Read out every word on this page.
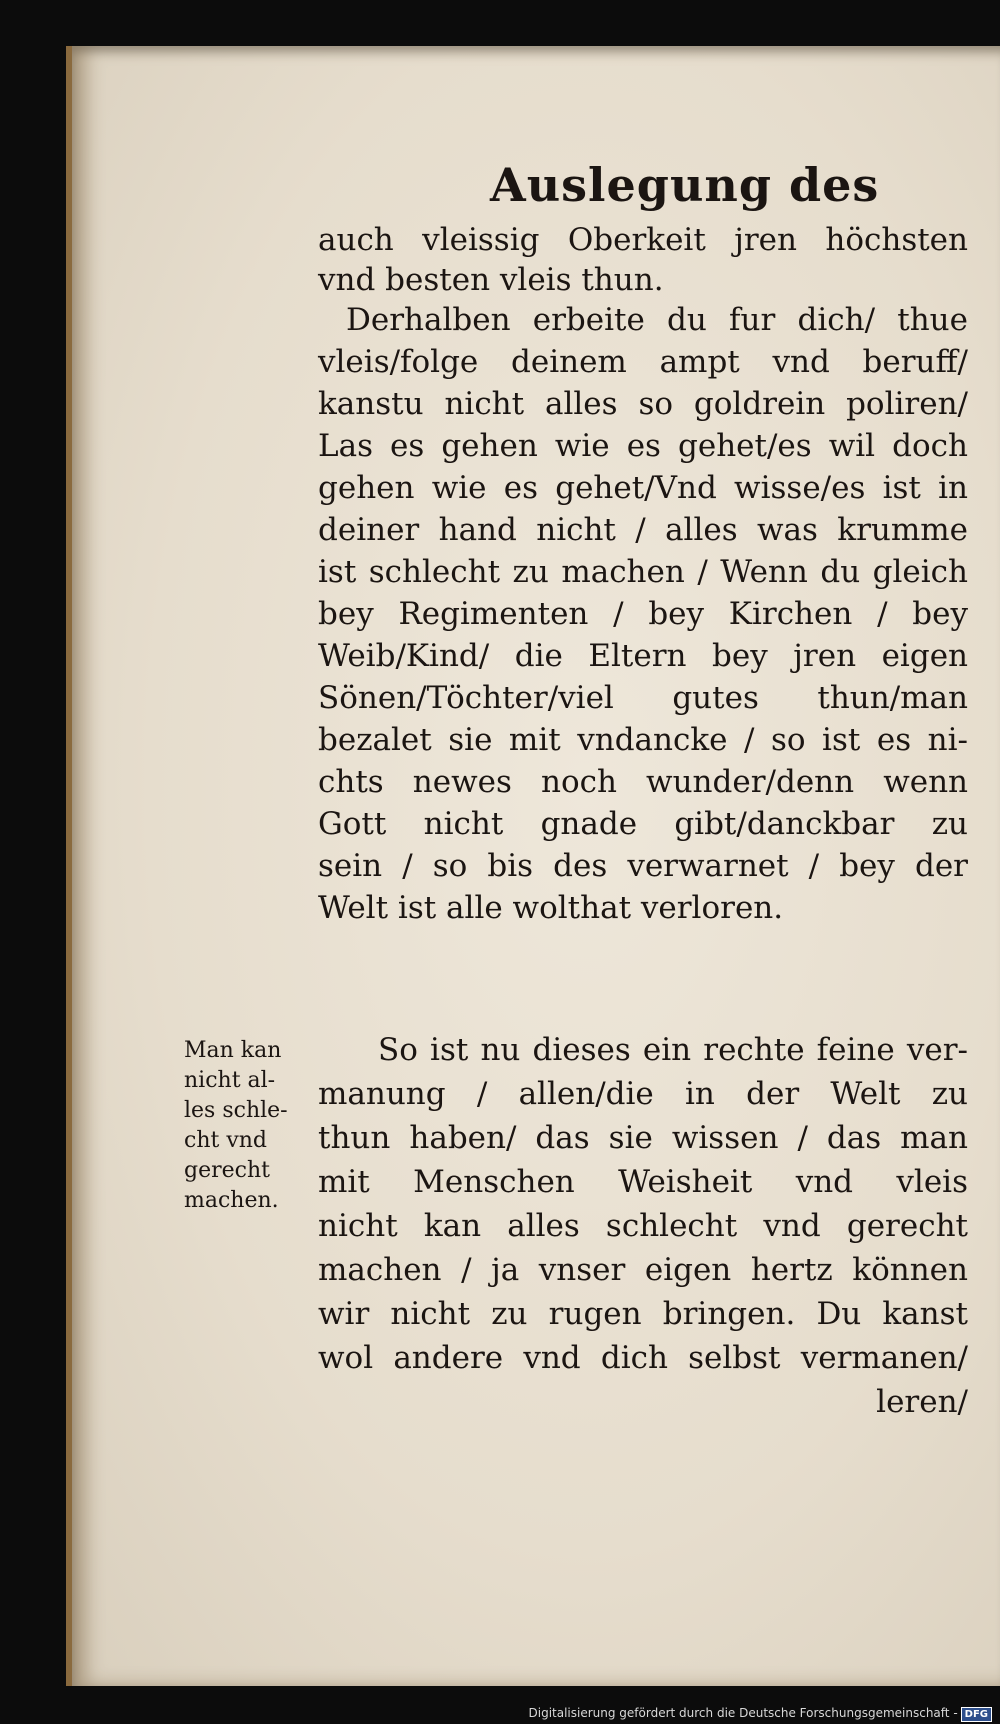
Auslegung des
auch vleissig Oberkeit jren höchsten
vnd besten vleis thun.
Derhalben erbeite du fur dich/ thue
vleis/folge deinem ampt vnd beruff/
kanstu nicht alles so goldrein poliren/
Las es gehen wie es gehet/es wil doch
gehen wie es gehet/Vnd wisse/es ist in
deiner hand nicht / alles was krumme
ist schlecht zu machen / Wenn du gleich
bey Regimenten / bey Kirchen / bey
Weib/Kind/ die Eltern bey jren eigen
Sönen/Töchter/viel gutes thun/man
bezalet sie mit vndancke / so ist es ni-
chts newes noch wunder/denn wenn
Gott nicht gnade gibt/danckbar zu
sein / so bis des verwarnet / bey der
Welt ist alle wolthat verloren.
So ist nu dieses ein rechte feine ver-
manung / allen/die in der Welt zu
thun haben/ das sie wissen / das man
mit Menschen Weisheit vnd vleis
nicht kan alles schlecht vnd gerecht
machen / ja vnser eigen hertz können
wir nicht zu rugen bringen. Du kanst
wol andere vnd dich selbst vermanen/
leren/
Man kan
nicht al-
les schle-
cht vnd
gerecht
machen.
Digitalisierung gefördert durch die Deutsche Forschungsgemeinschaft - DFG
